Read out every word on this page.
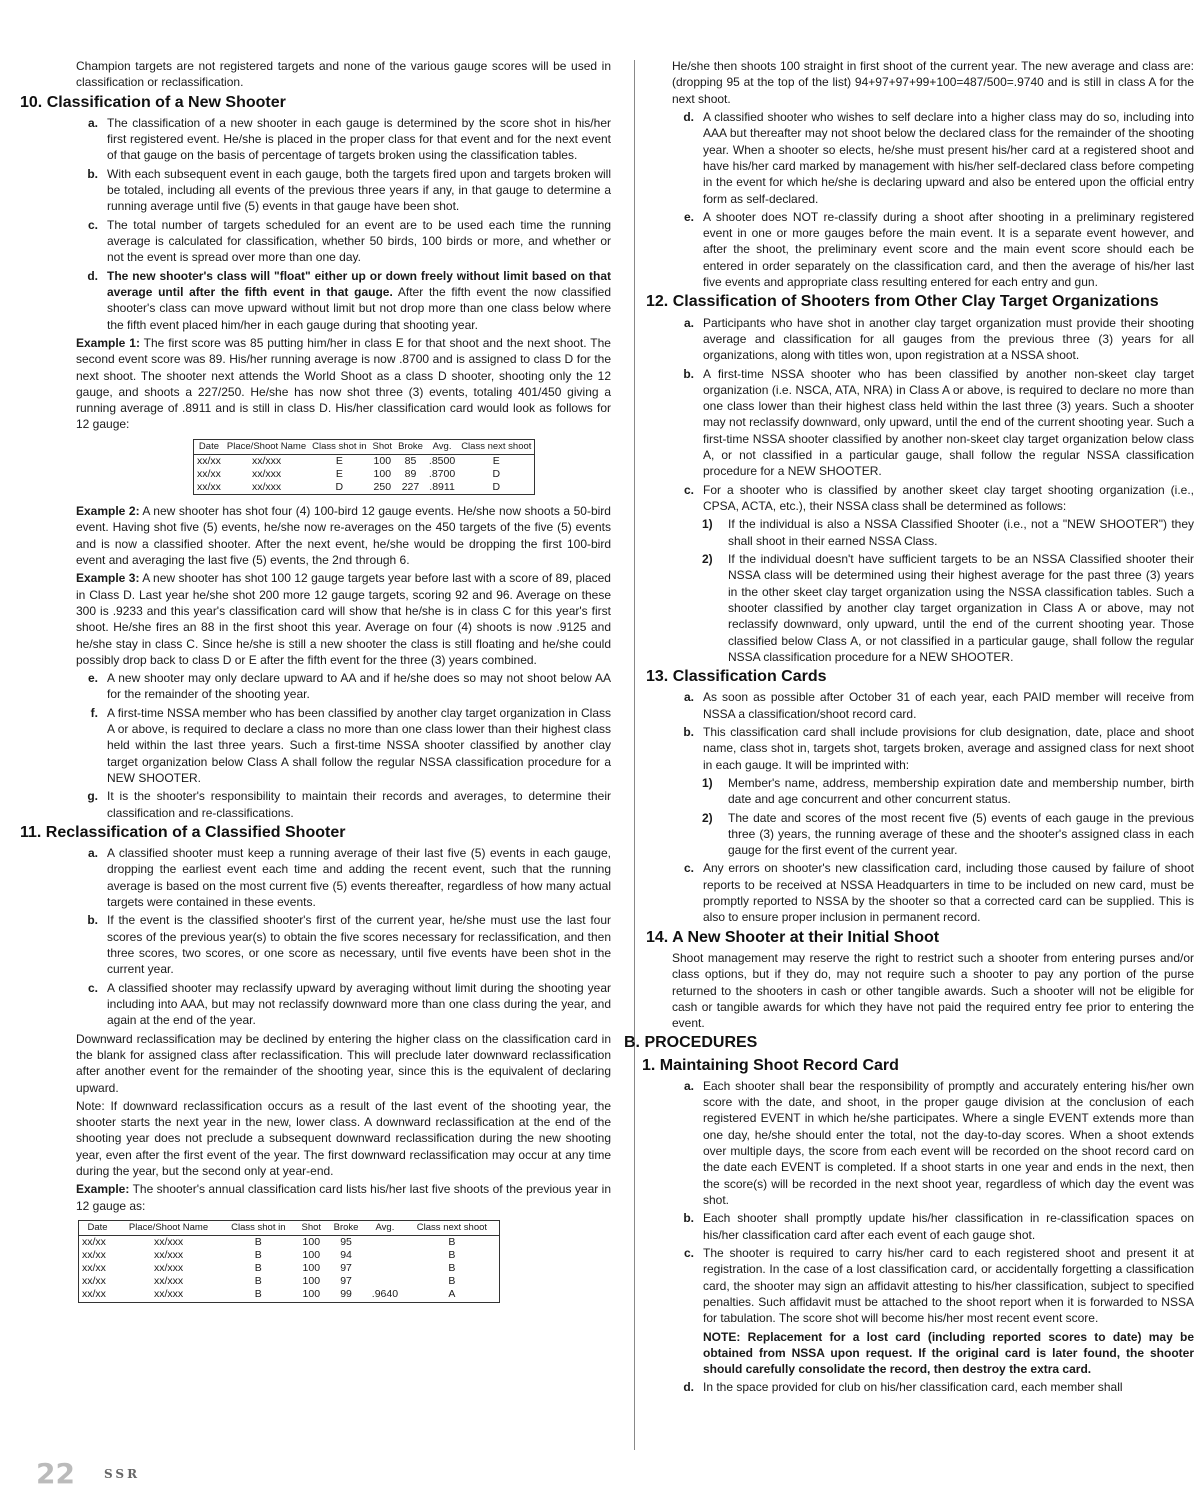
Champion targets are not registered targets and none of the various gauge scores will be used in classification or reclassification.

10. Classification of a New Shooter
a. The classification of a new shooter in each gauge is determined by the score shot in his/her first registered event. He/she is placed in the proper class for that event and for the next event of that gauge on the basis of percentage of targets broken using the classification tables.
b. With each subsequent event in each gauge, both the targets fired upon and targets broken will be totaled, including all events of the previous three years if any, in that gauge to determine a running average until five (5) events in that gauge have been shot.
c. The total number of targets scheduled for an event are to be used each time the running average is calculated for classification, whether 50 birds, 100 birds or more, and whether or not the event is spread over more than one day.
d. The new shooter's class will "float" either up or down freely without limit based on that average until after the fifth event in that gauge. After the fifth event the now classified shooter's class can move upward without limit but not drop more than one class below where the fifth event placed him/her in each gauge during that shooting year.

Example 1: The first score was 85 putting him/her in class E for that shoot and the next shoot. The second event score was 89. His/her running average is now .8700 and is assigned to class D for the next shoot. The shooter next attends the World Shoot as a class D shooter, shooting only the 12 gauge, and shoots a 227/250. He/she has now shot three (3) events, totaling 401/450 giving a running average of .8911 and is still in class D. His/her classification card would look as follows for 12 gauge:

Date	Place/Shoot Name	Class shot in	Shot	Broke	Avg.	Class next shoot
xx/xx	xx/xxx	E	100	85	.8500	E
xx/xx	xx/xxx	E	100	89	.8700	D
xx/xx	xx/xxx	D	250	227	.8911	D

Example 2: A new shooter has shot four (4) 100-bird 12 gauge events. He/she now shoots a 50-bird event. Having shot five (5) events, he/she now re-averages on the 450 targets of the five (5) events and is now a classified shooter. After the next event, he/she would be dropping the first 100-bird event and averaging the last five (5) events, the 2nd through 6.

Example 3: A new shooter has shot 100 12 gauge targets year before last with a score of 89, placed in Class D. Last year he/she shot 200 more 12 gauge targets, scoring 92 and 96. Average on these 300 is .9233 and this year's classification card will show that he/she is in class C for this year's first shoot. He/she fires an 88 in the first shoot this year. Average on four (4) shoots is now .9125 and he/she stay in class C. Since he/she is still a new shooter the class is still floating and he/she could possibly drop back to class D or E after the fifth event for the three (3) years combined.

e. A new shooter may only declare upward to AA and if he/she does so may not shoot below AA for the remainder of the shooting year.
f. A first-time NSSA member who has been classified by another clay target organization in Class A or above, is required to declare a class no more than one class lower than their highest class held within the last three years. Such a first-time NSSA shooter classified by another clay target organization below Class A shall follow the regular NSSA classification procedure for a NEW SHOOTER.
g. It is the shooter's responsibility to maintain their records and averages, to determine their classification and re-classifications.
11. Reclassification of a Classified Shooter
a. A classified shooter must keep a running average of their last five (5) events in each gauge, dropping the earliest event each time and adding the recent event, such that the running average is based on the most current five (5) events thereafter, regardless of how many actual targets were contained in these events.
b. If the event is the classified shooter's first of the current year, he/she must use the last four scores of the previous year(s) to obtain the five scores necessary for reclassification, and then three scores, two scores, or one score as necessary, until five events have been shot in the current year.
c. A classified shooter may reclassify upward by averaging without limit during the shooting year including into AAA, but may not reclassify downward more than one class during the year, and again at the end of the year.

Downward reclassification may be declined by entering the higher class on the classification card in the blank for assigned class after reclassification. This will preclude later downward reclassification after another event for the remainder of the shooting year, since this is the equivalent of declaring upward.

Note: If downward reclassification occurs as a result of the last event of the shooting year, the shooter starts the next year in the new, lower class. A downward reclassification at the end of the shooting year does not preclude a subsequent downward reclassification during the new shooting year, even after the first event of the year. The first downward reclassification may occur at any time during the year, but the second only at year-end.

Example: The shooter's annual classification card lists his/her last five shoots of the previous year in 12 gauge as:

Date	Place/Shoot Name	Class shot in	Shot	Broke	Avg.	Class next shoot
xx/xx	xx/xxx	B	100	95		B
xx/xx	xx/xxx	B	100	94		B
xx/xx	xx/xxx	B	100	97		B
xx/xx	xx/xxx	B	100	97		B
xx/xx	xx/xxx	B	100	99	.9640	A

He/she then shoots 100 straight in first shoot of the current year. The new average and class are: (dropping 95 at the top of the list) 94+97+97+99+100=487/500=.9740 and is still in class A for the next shoot.

d. A classified shooter who wishes to self declare into a higher class may do so, including into AAA but thereafter may not shoot below the declared class for the remainder of the shooting year. When a shooter so elects, he/she must present his/her card at a registered shoot and have his/her card marked by management with his/her self-declared class before competing in the event for which he/she is declaring upward and also be entered upon the official entry form as self-declared.
e. A shooter does NOT re-classify during a shoot after shooting in a preliminary registered event in one or more gauges before the main event. It is a separate event however, and after the shoot, the preliminary event score and the main event score should each be entered in order separately on the classification card, and then the average of his/her last five events and appropriate class resulting entered for each entry and gun.
12. Classification of Shooters from Other Clay Target Organizations
a. Participants who have shot in another clay target organization must provide their shooting average and classification for all gauges from the previous three (3) years for all organizations, along with titles won, upon registration at a NSSA shoot.
b. A first-time NSSA shooter who has been classified by another non-skeet clay target organization (i.e. NSCA, ATA, NRA) in Class A or above, is required to declare no more than one class lower than their highest class held within the last three (3) years. Such a shooter may not reclassify downward, only upward, until the end of the current shooting year. Such a first-time NSSA shooter classified by another non-skeet clay target organization below class A, or not classified in a particular gauge, shall follow the regular NSSA classification procedure for a NEW SHOOTER.
c. For a shooter who is classified by another skeet clay target shooting organization (i.e., CPSA, ACTA, etc.), their NSSA class shall be determined as follows:
1) If the individual is also a NSSA Classified Shooter (i.e., not a "NEW SHOOTER") they shall shoot in their earned NSSA Class.
2) If the individual doesn't have sufficient targets to be an NSSA Classified shooter their NSSA class will be determined using their highest average for the past three (3) years in the other skeet clay target organization using the NSSA classification tables. Such a shooter classified by another clay target organization in Class A or above, may not reclassify downward, only upward, until the end of the current shooting year. Those classified below Class A, or not classified in a particular gauge, shall follow the regular NSSA classification procedure for a NEW SHOOTER.
13. Classification Cards
a. As soon as possible after October 31 of each year, each PAID member will receive from NSSA a classification/shoot record card.
b. This classification card shall include provisions for club designation, date, place and shoot name, class shot in, targets shot, targets broken, average and assigned class for next shoot in each gauge. It will be imprinted with:
1) Member's name, address, membership expiration date and membership number, birth date and age concurrent and other concurrent status.
2) The date and scores of the most recent five (5) events of each gauge in the previous three (3) years, the running average of these and the shooter's assigned class in each gauge for the first event of the current year.
c. Any errors on shooter's new classification card, including those caused by failure of shoot reports to be received at NSSA Headquarters in time to be included on new card, must be promptly reported to NSSA by the shooter so that a corrected card can be supplied. This is also to ensure proper inclusion in permanent record.
14. A New Shooter at their Initial Shoot

Shoot management may reserve the right to restrict such a shooter from entering purses and/or class options, but if they do, may not require such a shooter to pay any portion of the purse returned to the shooters in cash or other tangible awards. Such a shooter will not be eligible for cash or tangible awards for which they have not paid the required entry fee prior to entering the event.

B. PROCEDURES
1. Maintaining Shoot Record Card
a. Each shooter shall bear the responsibility of promptly and accurately entering his/her own score with the date, and shoot, in the proper gauge division at the conclusion of each registered EVENT in which he/she participates. Where a single EVENT extends more than one day, he/she should enter the total, not the day-to-day scores. When a shoot extends over multiple days, the score from each event will be recorded on the shoot record card on the date each EVENT is completed. If a shoot starts in one year and ends in the next, then the score(s) will be recorded in the next shoot year, regardless of which day the event was shot.
b. Each shooter shall promptly update his/her classification in re-classification spaces on his/her classification card after each event of each gauge shot.
c. The shooter is required to carry his/her card to each registered shoot and present it at registration. In the case of a lost classification card, or accidentally forgetting a classification card, the shooter may sign an affidavit attesting to his/her classification, subject to specified penalties. Such affidavit must be attached to the shoot report when it is forwarded to NSSA for tabulation. The score shot will become his/her most recent event score.
NOTE: Replacement for a lost card (including reported scores to date) may be obtained from NSSA upon request. If the original card is later found, the shooter should carefully consolidate the record, then destroy the extra card.
d. In the space provided for club on his/her classification card, each member shall
22 SSR
